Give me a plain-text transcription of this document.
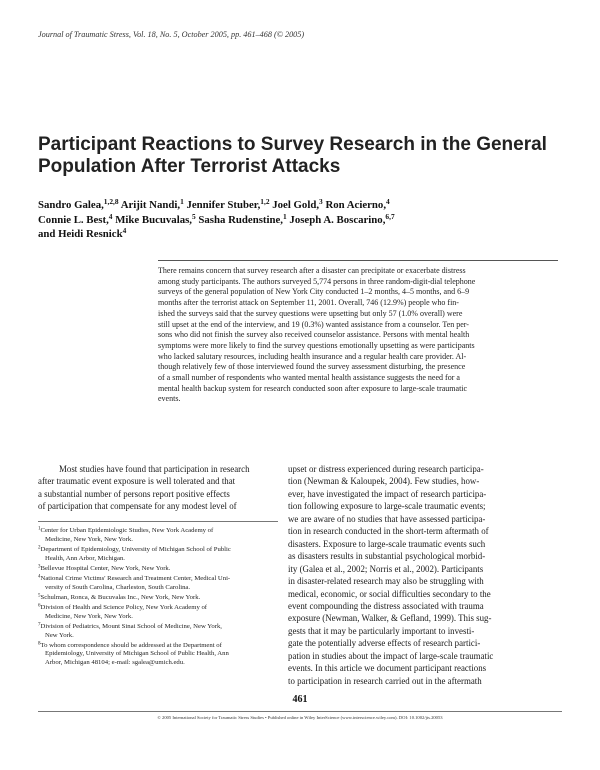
Journal of Traumatic Stress, Vol. 18, No. 5, October 2005, pp. 461–468 (© 2005)
Participant Reactions to Survey Research in the General
Population After Terrorist Attacks
Sandro Galea,$^{1,2,8}$ Arijit Nandi,$^1$ Jennifer Stuber,$^{1,2}$ Joel Gold,$^3$ Ron Acierno,$^4$
Connie L. Best,$^4$ Mike Bucuvalas,$^5$ Sasha Rudenstine,$^1$ Joseph A. Boscarino,$^{6,7}$
and Heidi Resnick$^4$
There remains concern that survey research after a disaster can precipitate or exacerbate distress
among study participants. The authors surveyed 5,774 persons in three random-digit-dial telephone
surveys of the general population of New York City conducted 1–2 months, 4–5 months, and 6–9
months after the terrorist attack on September 11, 2001. Overall, 746 (12.9%) people who fin-
ished the surveys said that the survey questions were upsetting but only 57 (1.0% overall) were
still upset at the end of the interview, and 19 (0.3%) wanted assistance from a counselor. Ten per-
sons who did not finish the survey also received counselor assistance. Persons with mental health
symptoms were more likely to find the survey questions emotionally upsetting as were participants
who lacked salutary resources, including health insurance and a regular health care provider. Al-
though relatively few of those interviewed found the survey assessment disturbing, the presence
of a small number of respondents who wanted mental health assistance suggests the need for a
mental health backup system for research conducted soon after exposure to large-scale traumatic
events.
Most studies have found that participation in research
after traumatic event exposure is well tolerated and that
a substantial number of persons report positive effects
of participation that compensate for any modest level of
$^1$Center for Urban Epidemiologic Studies, New York Academy of
Medicine, New York, New York.
$^2$Department of Epidemiology, University of Michigan School of Public
Health, Ann Arbor, Michigan.
$^3$Bellevue Hospital Center, New York, New York.
$^4$National Crime Victims' Research and Treatment Center, Medical Uni-
versity of South Carolina, Charleston, South Carolina.
$^5$Schulman, Ronca, & Bucuvalas Inc., New York, New York.
$^6$Division of Health and Science Policy, New York Academy of
Medicine, New York, New York.
$^7$Division of Pediatrics, Mount Sinai School of Medicine, New York,
New York.
$^8$To whom correspondence should be addressed at the Department of
Epidemiology, University of Michigan School of Public Health, Ann
Arbor, Michigan 48104; e-mail: sgalea@umich.edu.
upset or distress experienced during research participa-
tion (Newman & Kaloupek, 2004). Few studies, how-
ever, have investigated the impact of research participa-
tion following exposure to large-scale traumatic events;
we are aware of no studies that have assessed participa-
tion in research conducted in the short-term aftermath of
disasters. Exposure to large-scale traumatic events such
as disasters results in substantial psychological morbid-
ity (Galea et al., 2002; Norris et al., 2002). Participants
in disaster-related research may also be struggling with
medical, economic, or social difficulties secondary to the
event compounding the distress associated with trauma
exposure (Newman, Walker, & Gefland, 1999). This sug-
gests that it may be particularly important to investi-
gate the potentially adverse effects of research partici-
pation in studies about the impact of large-scale traumatic
events. In this article we document participant reactions
to participation in research carried out in the aftermath
461
© 2005 International Society for Traumatic Stress Studies • Published online in Wiley InterScience (www.interscience.wiley.com). DOI: 10.1002/jts.20053
